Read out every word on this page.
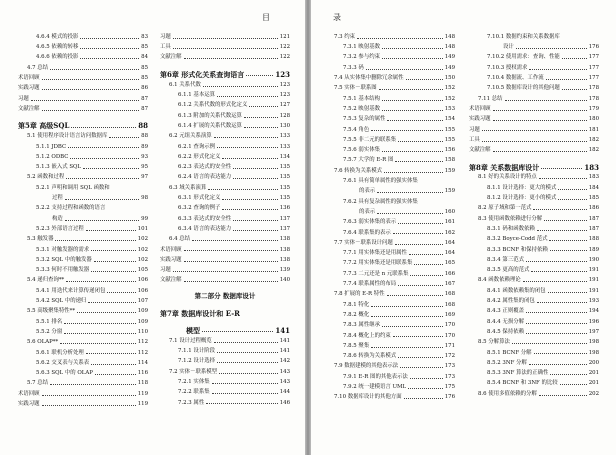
目
4.6.4 模式的投影	83
4.6.5 依赖的转移	85
4.6.6 依赖的投影	84
4.7 总结	85
术语回顾	85
实践习题	86
习题	87
文献注解	87
第5章 高级SQL	88
5.1 使用程序设计语言访问数据库	88
5.1.1 JDBC	89
5.1.2 ODBC	93
5.1.3 嵌入式 SQL	95
5.2 函数和过程	97
5.2.1 声明和调用 SQL 函数和
过程	98
5.2.2 支持过程和函数的语言
构造	99
5.2.3 外部语言过程	101
5.3 触发器	102
5.3.1 对触发器的需求	102
5.3.2 SQL 中的触发器	102
5.3.3 何时不用触发器	105
5.4 递归查询**	106
5.4.1 用迭代来计算传递闭包	106
5.4.2 SQL 中的递归	107
5.5 高级聚集特性**	109
5.5.1 排名	109
5.5.2 分窗	110
5.6 OLAP**	112
5.6.1 联机分析处理	112
5.6.2 交叉表与关系表	114
5.6.3 SQL 中的 OLAP	116
5.7 总结	118
术语回顾	119
实践习题	119
习题	121
工具	122
文献注解	122
第6章 形式化关系查询语言	123
6.1 关系代数	123
6.1.1 基本运算	123
6.1.2 关系代数的形式化定义	127
6.1.3 附加的关系代数运算	128
6.1.4 扩展的关系代数运算	130
6.2 元组关系演算	133
6.2.1 查询示例	133
6.2.2 形式化定义	134
6.2.3 表达式的安全性	135
6.2.4 语言的表达能力	135
6.3 域关系演算	135
6.3.1 形式化定义	135
6.3.2 查询的例子	136
6.3.3 表达式的安全性	137
6.3.4 语言的表达能力	137
6.4 总结	138
术语回顾	138
实践习题	138
习题	139
文献注解	140
第二部分 数据库设计
第7章 数据库设计和 E-R
模型	141
7.1 设计过程概览	141
7.1.1 设计阶段	141
7.1.2 设计选择	142
7.2 实体－联系模型	143
7.2.1 实体集	143
7.2.2 联系集	144
7.2.3 属性	146
录
7.3 约束	148
7.3.1 映射基数	148
7.3.2 参与约束	149
7.3.3 码	149
7.4 从实体集中删除冗余属性	150
7.5 实体－联系图	152
7.5.1 基本结构	152
7.5.2 映射基数	153
7.5.3 复杂的属性	154
7.5.4 角色	155
7.5.5 非二元的联系集	155
7.5.6 弱实体集	156
7.5.7 大学的 E-R 图	158
7.6 转换为关系模式	159
7.6.1 具有简单属性的强实体集
的表示	159
7.6.2 具有复杂属性的强实体集
的表示	160
7.6.3 弱实体集的表示	161
7.6.4 联系集的表示	162
7.7 实体－联系设计问题	164
7.7.1 用实体集还是用属性	164
7.7.2 用实体集还是用联系集	165
7.7.3 二元还是 n 元联系集	166
7.7.4 联系属性的布局	167
7.8 扩展的 E-R 特性	168
7.8.1 特化	168
7.8.2 概化	169
7.8.3 属性继承	170
7.8.4 概化上的约束	170
7.8.5 聚集	171
7.8.6 转换为关系模式	172
7.9 数据建模的其他表示法	173
7.9.1 E-R 图的其他表示法	173
7.9.2 统一建模语言 UML	175
7.10 数据库设计的其他方面	176
7.10.1 数据约束和关系数据库
设计	176
7.10.2 使用需求：查询、性能	177
7.10.3 授权需求	177
7.10.4 数据流、工作流	177
7.10.5 数据库设计的其他问题	178
7.11 总结	178
术语回顾	179
实践习题	180
习题	181
工具	182
文献注解	182
第8章 关系数据库设计	183
8.1 好的关系设计的特点	183
8.1.1 设计选择：更大的模式	184
8.1.2 设计选择：更小的模式	185
8.2 原子域和第一范式	186
8.3 使用函数依赖进行分解	187
8.3.1 码和函数依赖	187
8.3.2 Boyce-Codd 范式	188
8.3.3 BCNF 和保持依赖	189
8.3.4 第三范式	190
8.3.5 更高的范式	191
8.4 函数依赖理论	191
8.4.1 函数依赖集的闭包	191
8.4.2 属性集的闭包	193
8.4.3 正则覆盖	194
8.4.4 无损分解	196
8.4.5 保持依赖	197
8.5 分解算法	198
8.5.1 BCNF 分解	198
8.5.2 3NF 分解	200
8.5.3 3NF 算法的正确性	201
8.5.4 BCNF 和 3NF 的比较	201
8.6 使用多值依赖的分解	202
